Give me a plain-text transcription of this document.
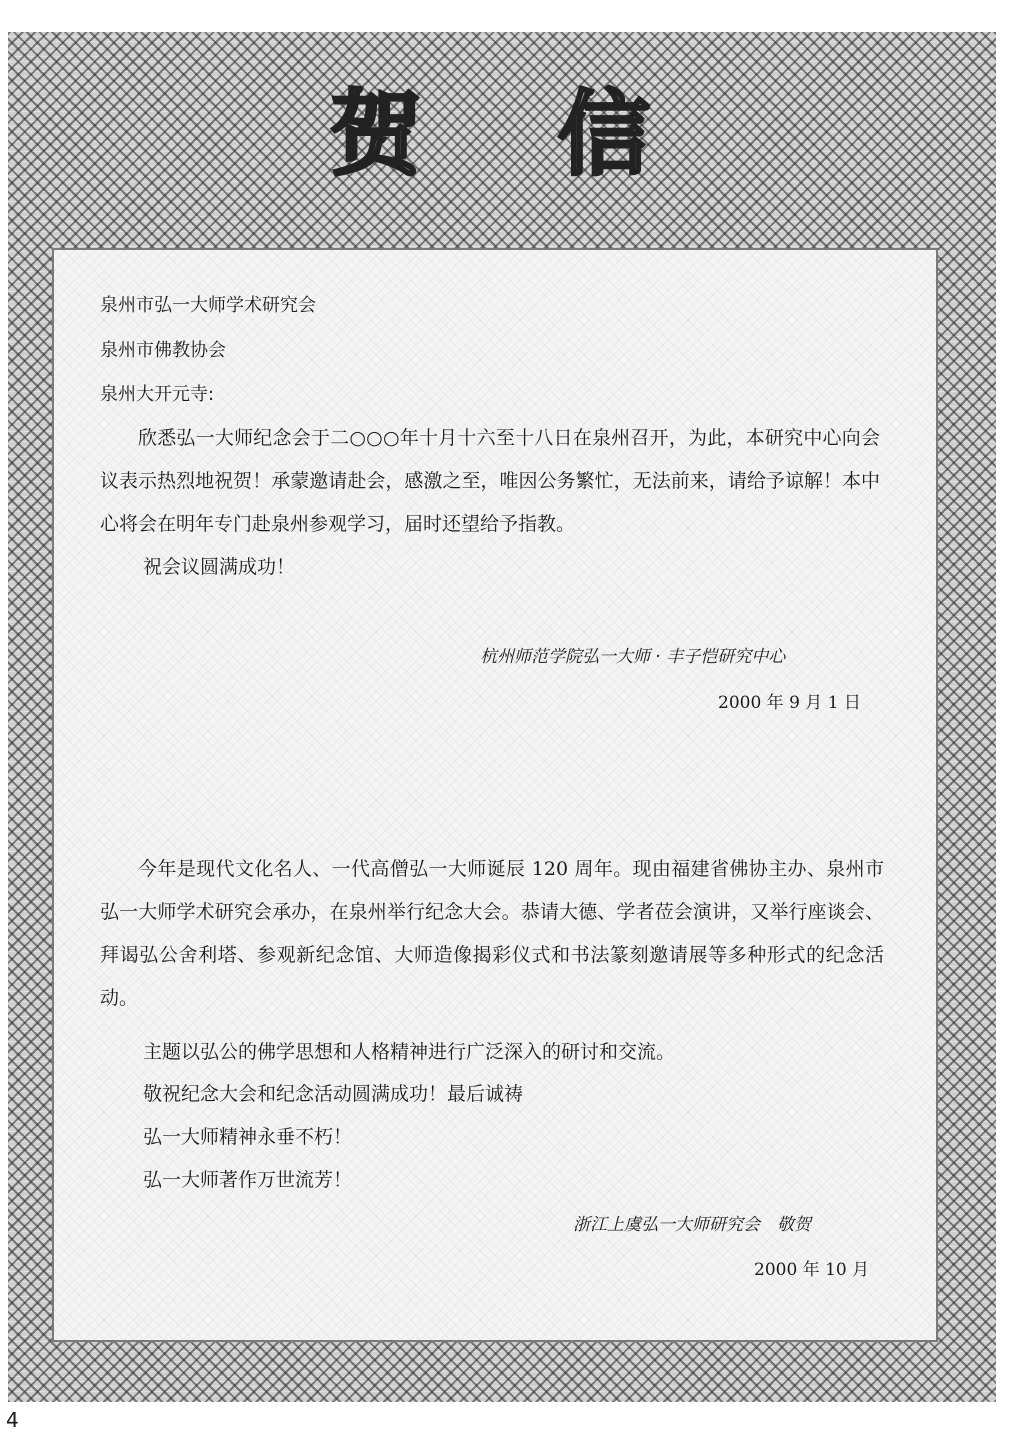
贺 信
泉州市弘一大师学术研究会
泉州市佛教协会
泉州大开元寺:
欣悉弘一大师纪念会于二○○○年十月十六至十八日在泉州召开，为此，本研究中心向会议表示热烈地祝贺！承蒙邀请赴会，感激之至，唯因公务繁忙，无法前来，请给予谅解！本中心将会在明年专门赴泉州参观学习，届时还望给予指教。
祝会议圆满成功！
杭州师范学院弘一大师 · 丰子恺研究中心
2000 年 9 月 1 日
今年是现代文化名人、一代高僧弘一大师诞辰 120 周年。现由福建省佛协主办、泉州市弘一大师学术研究会承办，在泉州举行纪念大会。恭请大德、学者莅会演讲，又举行座谈会、拜谒弘公舍利塔、参观新纪念馆、大师造像揭彩仪式和书法篆刻邀请展等多种形式的纪念活动。
主题以弘公的佛学思想和人格精神进行广泛深入的研讨和交流。
敬祝纪念大会和纪念活动圆满成功！最后诚祷
弘一大师精神永垂不朽！
弘一大师著作万世流芳！
浙江上虞弘一大师研究会　敬贺
2000 年 10 月
4
